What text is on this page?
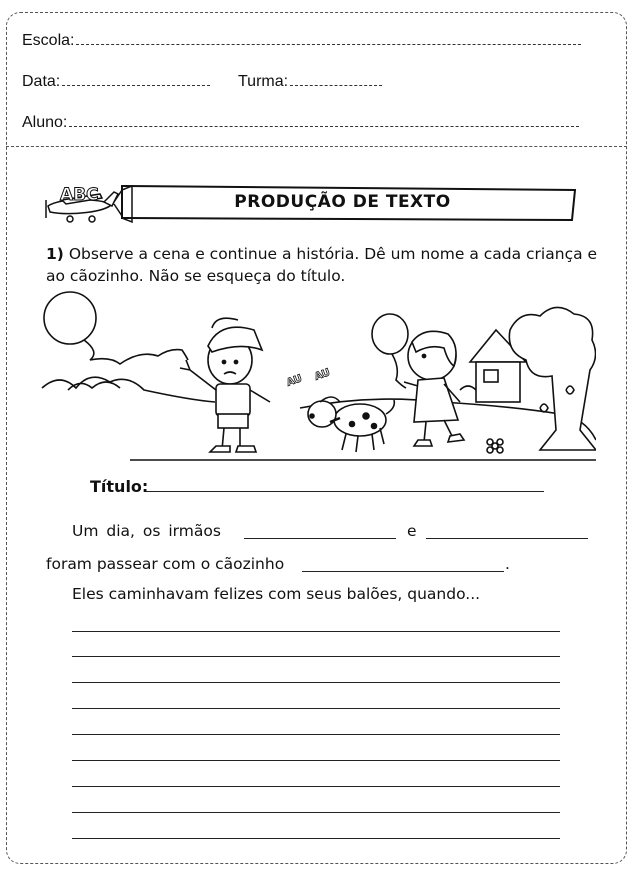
Escola:
Data:	Turma:
Aluno:
ABC	PRODUÇÃO DE TEXTO
1) Observe a cena e continue a história. Dê um nome a cada criança e ao cãozinho. Não se esqueça do título.
AU AU
Título:
Um dia, os irmãos	e
foram passear com o cãozinho	.
Eles caminhavam felizes com seus balões, quando...
